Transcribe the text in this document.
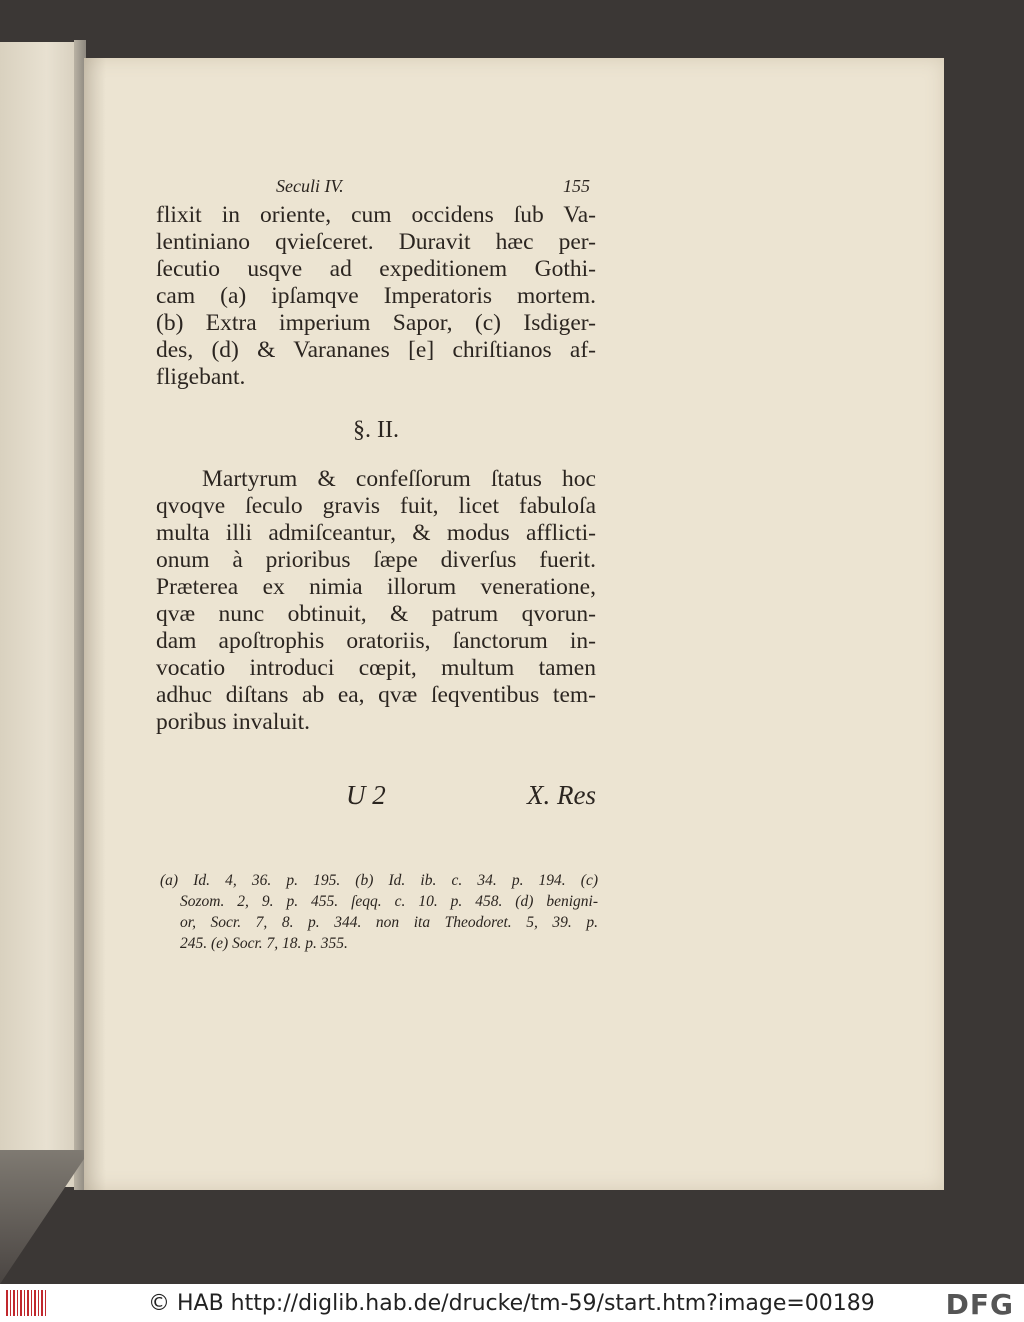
Seculi IV.	155
flixit in oriente, cum occidens ſub Va-
lentiniano qvieſceret. Duravit hæc per-
ſecutio usqve ad expeditionem Gothi-
cam (a) ipſamqve Imperatoris mortem.
(b) Extra imperium Sapor, (c) Isdiger-
des, (d) & Varananes [e] chriſtianos af-
fligebant.
§. II.
Martyrum & confeſſorum ſtatus hoc
qvoqve ſeculo gravis fuit, licet fabuloſa
multa illi admiſceantur, & modus afflicti-
onum à prioribus ſæpe diverſus fuerit.
Præterea ex nimia illorum veneratione,
qvæ nunc obtinuit, & patrum qvorun-
dam apoſtrophis oratoriis, ſanctorum in-
vocatio introduci cœpit, multum tamen
adhuc diſtans ab ea, qvæ ſeqventibus tem-
poribus invaluit.
U 2	X. Res
(a) Id. 4, 36. p. 195. (b) Id. ib. c. 34. p. 194. (c)
Sozom. 2, 9. p. 455. ſeqq. c. 10. p. 458. (d) benigni-
or, Socr. 7, 8. p. 344. non ita Theodoret. 5, 39. p.
245. (e) Socr. 7, 18. p. 355.
© HAB http://diglib.hab.de/drucke/tm-59/start.htm?image=00189	DFG
